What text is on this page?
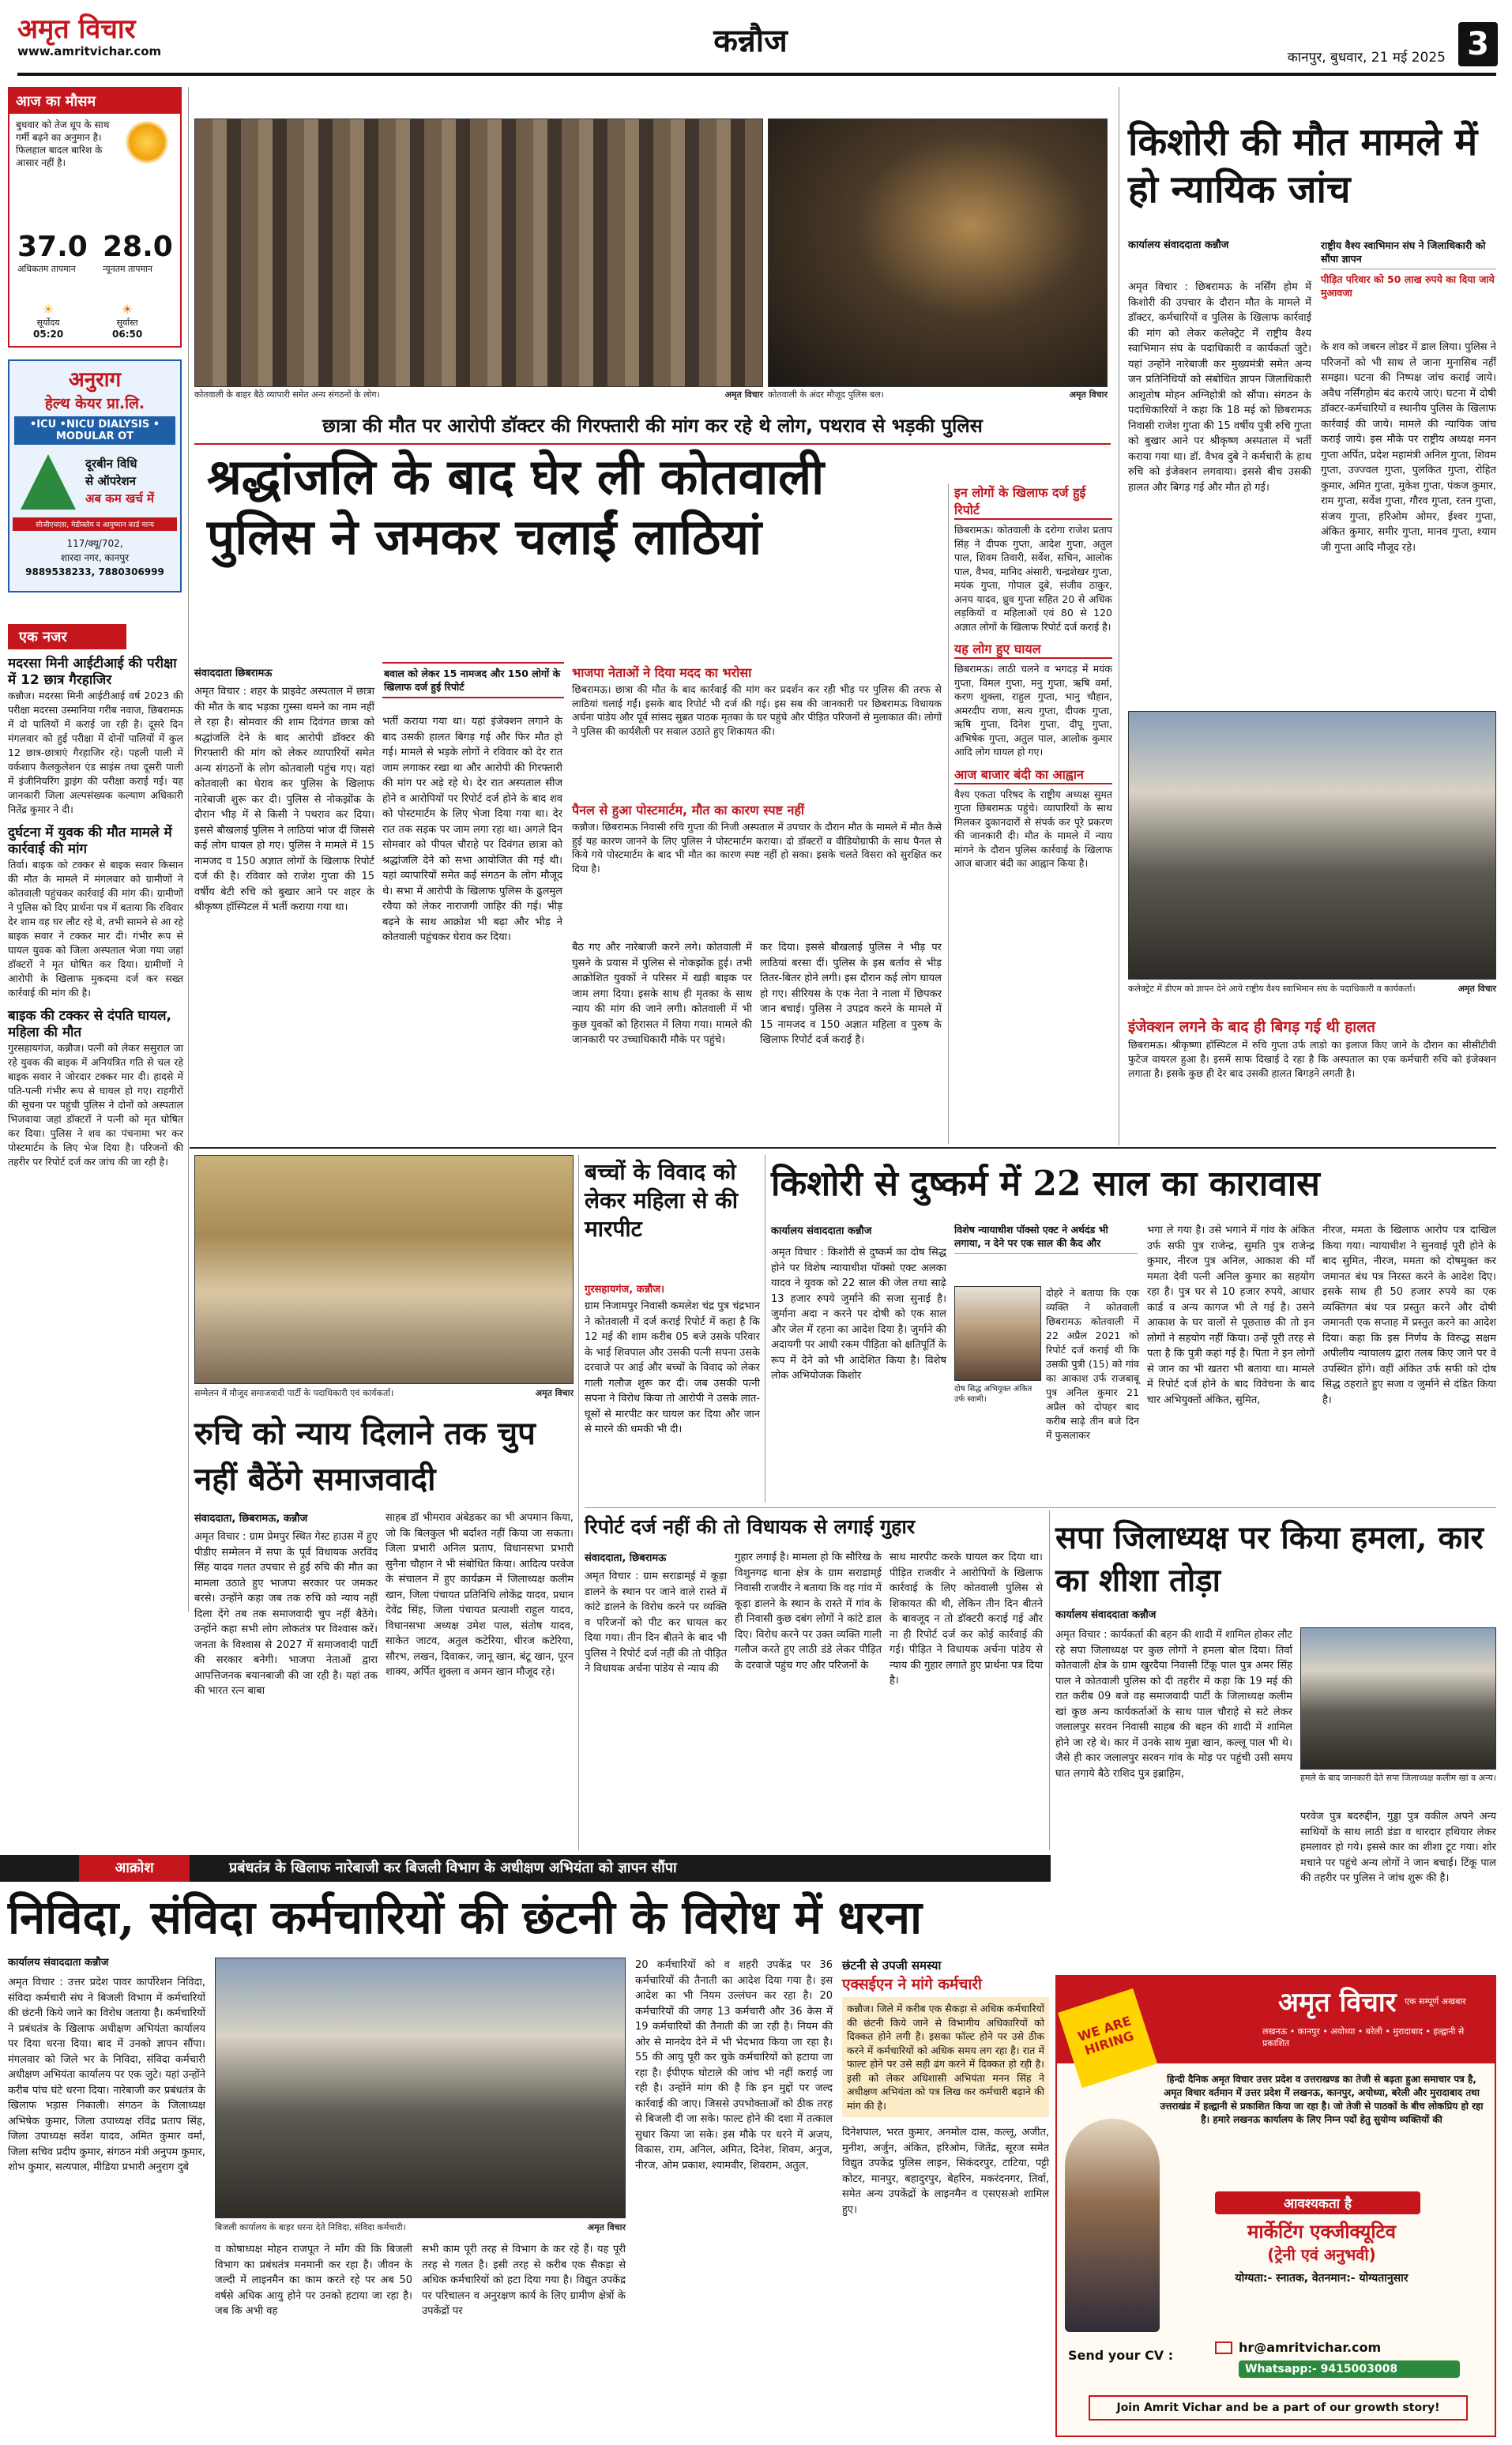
अमृत विचार
www.amritvichar.com	कन्नौज	कानपुर, बुधवार, 21 मई 2025 3
आज का मौसम
बुधवार को तेज धूप के साथ गर्मी बढ़ने का अनुमान है। फिलहाल बादल बारिश के आसार नहीं है।
37.0
अधिकतम तापमान
28.0
न्यूनतम तापमान
☀
सूर्योदय
05:20
☀
सूर्यास्त
06:50
अनुराग
हेल्थ केयर प्रा.लि.
•ICU •NICU DIALYSIS • MODULAR OT
दूरबीन विधि
से ऑपरेशन
अब कम खर्च में
सीजीएचएस, मेडीक्लेम व आयुष्मान कार्ड मान्य
117/क्यू/702,
शारदा नगर, कानपुर
9889538233, 7880306999
एक नजर
मदरसा मिनी आईटीआई की परीक्षा में 12 छात्र गैरहाजिर
कन्नौज। मदरसा मिनी आईटीआई वर्ष 2023 की परीक्षा मदरसा उस्मानिया गरीब नवाज, छिबरामऊ में दो पालियों में कराई जा रही है। दूसरे दिन मंगलवार को हुई परीक्षा में दोनों पालियों में कुल 12 छात्र-छात्राएं गैरहाजिर रहे। पहली पाली में वर्कशाप कैलकुलेशन एंड साइंस तथा दूसरी पाली में इंजीनियरिंग ड्राइंग की परीक्षा कराई गई। यह जानकारी जिला अल्पसंख्यक कल्याण अधिकारी नितेंद्र कुमार ने दी।
दुर्घटना में युवक की मौत मामले में कार्रवाई की मांग
तिर्वा। बाइक को टक्कर से बाइक सवार किसान की मौत के मामले में मंगलवार को ग्रामीणों ने कोतवाली पहुंचकर कार्रवाई की मांग की। ग्रामीणों ने पुलिस को दिए प्रार्थना पत्र में बताया कि रविवार देर शाम वह घर लौट रहे थे, तभी सामने से आ रहे बाइक सवार ने टक्कर मार दी। गंभीर रूप से घायल युवक को जिला अस्पताल भेजा गया जहां डॉक्टरों ने मृत घोषित कर दिया। ग्रामीणों ने आरोपी के खिलाफ मुकदमा दर्ज कर सख्त कार्रवाई की मांग की है।
बाइक की टक्कर से दंपति घायल, महिला की मौत
गुरसहायगंज, कन्नौज। पत्नी को लेकर ससुराल जा रहे युवक की बाइक में अनियंत्रित गति से चल रहे बाइक सवार ने जोरदार टक्कर मार दी। हादसे में पति-पत्नी गंभीर रूप से घायल हो गए। राहगीरों की सूचना पर पहुंची पुलिस ने दोनों को अस्पताल भिजवाया जहां डॉक्टरों ने पत्नी को मृत घोषित कर दिया। पुलिस ने शव का पंचनामा भर कर पोस्टमार्टम के लिए भेज दिया है। परिजनों की तहरीर पर रिपोर्ट दर्ज कर जांच की जा रही है।
कोतवाली के बाहर बैठे व्यापारी समेत अन्य संगठनों के लोग।	अमृत विचार कोतवाली के अंदर मौजूद पुलिस बल।	अमृत विचार
छात्रा की मौत पर आरोपी डॉक्टर की गिरफ्तारी की मांग कर रहे थे लोग, पथराव से भड़की पुलिस
श्रद्धांजलि के बाद घेर ली कोतवाली पुलिस ने जमकर चलाईं लाठियां
संवाददाता छिबरामऊ

अमृत विचार : शहर के प्राइवेट अस्पताल में छात्रा की मौत के बाद भड़का गुस्सा थमने का नाम नहीं ले रहा है। सोमवार की शाम दिवंगत छात्रा को श्रद्धांजलि देने के बाद आरोपी डॉक्टर की गिरफ्तारी की मांग को लेकर व्यापारियों समेत अन्य संगठनों के लोग कोतवाली पहुंच गए। यहां कोतवाली का घेराव कर पुलिस के खिलाफ नारेबाजी शुरू कर दी। पुलिस से नोकझोंक के दौरान भीड़ में से किसी ने पथराव कर दिया। इससे बौखलाई पुलिस ने लाठियां भांज दीं जिससे कई लोग घायल हो गए। पुलिस ने मामले में 15 नामजद व 150 अज्ञात लोगों के खिलाफ रिपोर्ट दर्ज की है। रविवार को राजेश गुप्ता की 15 वर्षीय बेटी रुचि को बुखार आने पर शहर के श्रीकृष्ण हॉस्पिटल में भर्ती कराया गया था।

बवाल को लेकर 15 नामजद और 150 लोगों के खिलाफ दर्ज हुई रिपोर्ट

भर्ती कराया गया था। यहां इंजेक्शन लगाने के बाद उसकी हालत बिगड़ गई और फिर मौत हो गई। मामले से भड़के लोगों ने रविवार को देर रात जाम लगाकर रखा था और आरोपी की गिरफ्तारी की मांग पर अड़े रहे थे। देर रात अस्पताल सीज होने व आरोपियों पर रिपोर्ट दर्ज होने के बाद शव को पोस्टमार्टम के लिए भेजा दिया गया था। देर रात तक सड़क पर जाम लगा रहा था। अगले दिन सोमवार को पीपल चौराहे पर दिवंगत छात्रा को श्रद्धांजलि देने को सभा आयोजित की गई थी। यहां व्यापारियों समेत कई संगठन के लोग मौजूद थे। सभा में आरोपी के खिलाफ पुलिस के ढुलमुल रवैया को लेकर नाराजगी जाहिर की गई। भीड़ बढ़ने के साथ आक्रोश भी बढ़ा और भीड़ ने कोतवाली पहुंचकर घेराव कर दिया।

भाजपा नेताओं ने दिया मदद का भरोसा

छिबरामऊ। छात्रा की मौत के बाद कार्रवाई की मांग कर प्रदर्शन कर रही भीड़ पर पुलिस की तरफ से लाठियां चलाई गईं। इसके बाद रिपोर्ट भी दर्ज की गई। इस सब की जानकारी पर छिबरामऊ विधायक अर्चना पांडेय और पूर्व सांसद सुब्रत पाठक मृतका के घर पहुंचे और पीड़ित परिजनों से मुलाकात की। लोगों ने पुलिस की कार्यशैली पर सवाल उठाते हुए शिकायत की।

पैनल से हुआ पोस्टमार्टम, मौत का कारण स्पष्ट नहीं

कन्नौज। छिबरामऊ निवासी रुचि गुप्ता की निजी अस्पताल में उपचार के दौरान मौत के मामले में मौत कैसे हुई यह कारण जानने के लिए पुलिस ने पोस्टमार्टम कराया। दो डॉक्टरों व वीडियोग्राफी के साथ पैनल से किये गये पोस्टमार्टम के बाद भी मौत का कारण स्पष्ट नहीं हो सका। इसके चलते विसरा को सुरक्षित कर दिया है।

बैठ गए और नारेबाजी करने लगे। कोतवाली में घुसने के प्रयास में पुलिस से नोकझोंक हुई। तभी आक्रोशित युवकों ने परिसर में खड़ी बाइक पर जाम लगा दिया। इसके साथ ही मृतका के साथ न्याय की मांग की जाने लगी। कोतवाली में भी कुछ युवकों को हिरासत में लिया गया। मामले की जानकारी पर उच्चाधिकारी मौके पर पहुंचे।

कर दिया। इससे बौखलाई पुलिस ने भीड़ पर लाठियां बरसा दीं। पुलिस के इस बर्ताव से भीड़ तितर-बितर होने लगी। इस दौरान कई लोग घायल हो गए। सीरियस के एक नेता ने नाला में छिपकर जान बचाई। पुलिस ने उपद्रव करने के मामले में 15 नामजद व 150 अज्ञात महिला व पुरुष के खिलाफ रिपोर्ट दर्ज कराई है।

इन लोगों के खिलाफ दर्ज हुई रिपोर्ट
छिबरामऊ। कोतवाली के दरोगा राजेश प्रताप सिंह ने दीपक गुप्ता, आदेश गुप्ता, अतुल पाल, शिवम तिवारी, सर्वेश, सचिन, आलोक पाल, वैभव, मानिद अंसारी, चन्द्रशेखर गुप्ता, मयंक गुप्ता, गोपाल दुबे, संजीव ठाकुर, अनय यादव, ध्रुव गुप्ता सहित 20 से अधिक लड़कियों व महिलाओं एवं 80 से 120 अज्ञात लोगों के खिलाफ रिपोर्ट दर्ज कराई है।
यह लोग हुए घायल
छिबरामऊ। लाठी चलने व भगदड़ में मयंक गुप्ता, विमल गुप्ता, मनु गुप्ता, ऋषि वर्मा, करण शुक्ला, राहुल गुप्ता, भानु चौहान, अमरदीप राणा, सत्य गुप्ता, दीपक गुप्ता, ऋषि गुप्ता, दिनेश गुप्ता, दीपू गुप्ता, अभिषेक गुप्ता, अतुल पाल, आलोक कुमार आदि लोग घायल हो गए।
आज बाजार बंदी का आह्वान
वैश्य एकता परिषद के राष्ट्रीय अध्यक्ष सुमत गुप्ता छिबरामऊ पहुंचे। व्यापारियों के साथ मिलकर दुकानदारों से संपर्क कर पूरे प्रकरण की जानकारी दी। मौत के मामले में न्याय मांगने के दौरान पुलिस कार्रवाई के खिलाफ आज बाजार बंदी का आह्वान किया है।
किशोरी की मौत मामले में हो न्यायिक जांच
कार्यालय संवाददाता कन्नौज

अमृत विचार : छिबरामऊ के नर्सिंग होम में किशोरी की उपचार के दौरान मौत के मामले में डॉक्टर, कर्मचारियों व पुलिस के खिलाफ कार्रवाई की मांग को लेकर कलेक्ट्रेट में राष्ट्रीय वैश्य स्वाभिमान संघ के पदाधिकारी व कार्यकर्ता जुटे। यहां उन्होंने नारेबाजी कर मुख्यमंत्री समेत अन्य जन प्रतिनिधियों को संबोधित ज्ञापन जिलाधिकारी आशुतोष मोहन अग्निहोत्री को सौंपा। संगठन के पदाधिकारियों ने कहा कि 18 मई को छिबरामऊ निवासी राजेश गुप्ता की 15 वर्षीय पुत्री रुचि गुप्ता को बुखार आने पर श्रीकृष्ण अस्पताल में भर्ती कराया गया था। डॉ. वैभव दुबे ने कर्मचारी के हाथ रुचि को इंजेक्शन लगवाया। इससे बीच उसकी हालत और बिगड़ गई और मौत हो गई।

राष्ट्रीय वैश्य स्वाभिमान संघ ने जिलाधिकारी को सौंपा ज्ञापन
पीड़ित परिवार को 50 लाख रुपये का दिया जाये मुआवजा

के शव को जबरन लोडर में डाल लिया। पुलिस ने परिजनों को भी साथ ले जाना मुनासिब नहीं समझा। घटना की निष्पक्ष जांच कराई जाये। अवैध नर्सिंगहोम बंद कराये जाएं। घटना में दोषी डॉक्टर-कर्मचारियों व स्थानीय पुलिस के खिलाफ कार्रवाई की जाये। मामले की न्यायिक जांच कराई जाये। इस मौके पर राष्ट्रीय अध्यक्ष मनन गुप्ता अर्पित, प्रदेश महामंत्री अनिल गुप्ता, शिवम गुप्ता, उज्ज्वल गुप्ता, पुलकित गुप्ता, रोहित कुमार, अमित गुप्ता, मुकेश गुप्ता, पंकज कुमार, राम गुप्ता, सर्वेश गुप्ता, गौरव गुप्ता, रतन गुप्ता, संजय गुप्ता, हरिओम ओमर, ईश्वर गुप्ता, अंकित कुमार, समीर गुप्ता, मानव गुप्ता, श्याम जी गुप्ता आदि मौजूद रहे।

कलेक्ट्रेट में डीएम को ज्ञापन देने आये राष्ट्रीय वैश्य स्वाभिमान संघ के पदाधिकारी व कार्यकर्ता।	अमृत विचार
इंजेक्शन लगने के बाद ही बिगड़ गई थी हालत

छिबरामऊ। श्रीकृष्णा हॉस्पिटल में रुचि गुप्ता उर्फ लाडो का इलाज किए जाने के दौरान का सीसीटीवी फुटेज वायरल हुआ है। इसमें साफ दिखाई दे रहा है कि अस्पताल का एक कर्मचारी रुचि को इंजेक्शन लगाता है। इसके कुछ ही देर बाद उसकी हालत बिगड़ने लगती है।

सम्मेलन में मौजूद समाजवादी पार्टी के पदाधिकारी एवं कार्यकर्ता।	अमृत विचार
रुचि को न्याय दिलाने तक चुप नहीं बैठेंगे समाजवादी
संवाददाता, छिबरामऊ, कन्नौज

अमृत विचार : ग्राम प्रेमपुर स्थित गेस्ट हाउस में हुए पीडीए सम्मेलन में सपा के पूर्व विधायक अरविंद सिंह यादव गलत उपचार से हुई रुचि की मौत का मामला उठाते हुए भाजपा सरकार पर जमकर बरसे। उन्होंने कहा जब तक रुचि को न्याय नहीं दिला देंगे तब तक समाजवादी चुप नहीं बैठेंगे। उन्होंने कहा सभी लोग लोकतंत्र पर विश्वास करें। जनता के विश्वास से 2027 में समाजवादी पार्टी की सरकार बनेगी। भाजपा नेताओं द्वारा आपत्तिजनक बयानबाजी की जा रही है। यहां तक की भारत रत्न बाबा

साहब डॉ भीमराव अंबेडकर का भी अपमान किया, जो कि बिलकुल भी बर्दाश्त नहीं किया जा सकता। जिला प्रभारी अनिल प्रताप, विधानसभा प्रभारी सुनैना चौहान ने भी संबोधित किया। आदित्य परवेज के संचालन में हुए कार्यक्रम में जिलाध्यक्ष कलीम खान, जिला पंचायत प्रतिनिधि लोकेंद्र यादव, प्रधान देवेंद्र सिंह, जिला पंचायत प्रत्याशी राहुल यादव, विधानसभा अध्यक्ष उमेश पाल, संतोष यादव, साकेत जाटव, अतुल कटेरिया, धीरज कटेरिया, सौरभ, लखन, दिवाकर, जानू खान, बंटू खान, पूरन शाक्य, अर्पित शुक्ला व अमन खान मौजूद रहे।

बच्चों के विवाद को लेकर महिला से की मारपीट
गुरसहायगंज, कन्नौज।

ग्राम निजामपुर निवासी कमलेश चंद्र पुत्र चंद्रभान ने कोतवाली में दर्ज कराई रिपोर्ट में कहा है कि 12 मई की शाम करीब 05 बजे उसके परिवार के भाई शिवपाल और उसकी पत्नी सपना उसके दरवाजे पर आई और बच्चों के विवाद को लेकर गाली गलौज शुरू कर दी। जब उसकी पत्नी सपना ने विरोध किया तो आरोपी ने उसके लात-घूसों से मारपीट कर घायल कर दिया और जान से मारने की धमकी भी दी।

किशोरी से दुष्कर्म में 22 साल का कारावास
कार्यालय संवाददाता कन्नौज

अमृत विचार : किशोरी से दुष्कर्म का दोष सिद्ध होने पर विशेष न्यायाधीश पॉक्सो एक्ट अलका यादव ने युवक को 22 साल की जेल तथा साढ़े 13 हजार रुपये जुर्माने की सजा सुनाई है। जुर्माना अदा न करने पर दोषी को एक साल और जेल में रहना का आदेश दिया है। जुर्माने की अदायगी पर आधी रकम पीड़िता को क्षतिपूर्ति के रूप में देने को भी आदेशित किया है। विशेष लोक अभियोजक किशोर

विशेष न्यायाधीश पॉक्सो एक्ट ने अर्थदंड भी लगाया, न देने पर एक साल की कैद और
दोष सिद्ध अभियुक्त अंकित उर्फ स्वामी।

दोहरे ने बताया कि एक व्यक्ति ने कोतवाली छिबरामऊ कोतवाली में 22 अप्रैल 2021 को रिपोर्ट दर्ज कराई थी कि उसकी पुत्री (15) को गांव का आकाश उर्फ राजबाबू पुत्र अनिल कुमार 21 अप्रैल को दोपहर बाद करीब साढ़े तीन बजे दिन में फुसलाकर

भगा ले गया है। उसे भगाने में गांव के अंकित उर्फ सफी पुत्र राजेन्द्र, सुमति पुत्र राजेन्द्र कुमार, नीरज पुत्र अनिल, आकाश की माँ ममता देवी पत्नी अनिल कुमार का सहयोग रहा है। पुत्र घर से 10 हजार रुपये, आधार कार्ड व अन्य कागज भी ले गई है। उसने आकाश के घर वालों से पूछताछ की तो इन लोगों ने सहयोग नहीं किया। उन्हें पूरी तरह से पता है कि पुत्री कहां गई है। पिता ने इन लोगों से जान का भी खतरा भी बताया था। मामले में रिपोर्ट दर्ज होने के बाद विवेचना के बाद चार अभियुक्तों अंकित, सुमित,

नीरज, ममता के खिलाफ आरोप पत्र दाखिल किया गया। न्यायाधीश ने सुनवाई पूरी होने के बाद सुमित, नीरज, ममता को दोषमुक्त कर जमानत बंध पत्र निरस्त करने के आदेश दिए। इसके साथ ही 50 हजार रुपये का एक व्यक्तिगत बंध पत्र प्रस्तुत करने और दोषी जमानती एक सप्ताह में प्रस्तुत करने का आदेश दिया। कहा कि इस निर्णय के विरुद्ध सक्षम अपीलीय न्यायालय द्वारा तलब किए जाने पर वे उपस्थित होंगे। वहीं अंकित उर्फ सफी को दोष सिद्ध ठहराते हुए सजा व जुर्माने से दंडित किया है।

रिपोर्ट दर्ज नहीं की तो विधायक से लगाई गुहार
संवाददाता, छिबरामऊ

अमृत विचार : ग्राम सराडाम्ई में कूड़ा डालने के स्थान पर जाने वाले रास्ते में कांटे डालने के विरोध करने पर व्यक्ति व परिजनों को पीट कर घायल कर दिया गया। तीन दिन बीतने के बाद भी पुलिस ने रिपोर्ट दर्ज नहीं की तो पीड़ित ने विधायक अर्चना पांडेय से न्याय की

गुहार लगाई है। मामला हो कि सौरिख के विशुनगढ़ थाना क्षेत्र के ग्राम सराडाम्ई निवासी राजवीर ने बताया कि वह गांव में कूड़ा डालने के स्थान के रास्ते में गांव के ही निवासी कुछ दबंग लोगों ने कांटे डाल दिए। विरोध करने पर उक्त व्यक्ति गाली गलौज करते हुए लाठी डंडे लेकर पीड़ित के दरवाजे पहुंच गए और परिजनों के

साथ मारपीट करके घायल कर दिया था। पीड़ित राजवीर ने आरोपियों के खिलाफ कार्रवाई के लिए कोतवाली पुलिस से शिकायत की थी, लेकिन तीन दिन बीतने के बावजूद न तो डॉक्टरी कराई गई और ना ही रिपोर्ट दर्ज कर कोई कार्रवाई की गई। पीड़ित ने विधायक अर्चना पांडेय से न्याय की गुहार लगाते हुए प्रार्थना पत्र दिया है।

सपा जिलाध्यक्ष पर किया हमला, कार का शीशा तोड़ा
कार्यालय संवाददाता कन्नौज

अमृत विचार : कार्यकर्ता की बहन की शादी में शामिल होकर लौट रहे सपा जिलाध्यक्ष पर कुछ लोगों ने हमला बोल दिया। तिर्वा कोतवाली क्षेत्र के ग्राम खुरदैया निवासी टिंकू पाल पुत्र अमर सिंह पाल ने कोतवाली पुलिस को दी तहरीर में कहा कि 19 मई की रात करीब 09 बजे वह समाजवादी पार्टी के जिलाध्यक्ष कलीम खां कुछ अन्य कार्यकर्ताओं के साथ पाल चौराहे से सटे लेकर जलालपुर सरवन निवासी साहब की बहन की शादी में शामिल होने जा रहे थे। कार में उनके साथ मुन्ना खान, कल्लू पाल भी थे। जैसे ही कार जलालपुर सरवन गांव के मोड़ पर पहुंची उसी समय घात लगाये बैठे राशिद पुत्र इब्राहिम,	हमले के बाद जानकारी देते सपा जिलाध्यक्ष कलीम खां व अन्य।

परवेज पुत्र बदरुद्दीन, गुड्डा पुत्र वकील अपने अन्य साथियों के साथ लाठी डंडा व धारदार हथियार लेकर हमलावर हो गये। इससे कार का शीशा टूट गया। शोर मचाने पर पहुंचे अन्य लोगों ने जान बचाई। टिंकू पाल की तहरीर पर पुलिस ने जांच शुरू की है।

आक्रोश	प्रबंधतंत्र के खिलाफ नारेबाजी कर बिजली विभाग के अधीक्षण अभियंता को ज्ञापन सौंपा
निविदा, संविदा कर्मचारियों की छंटनी के विरोध में धरना
कार्यालय संवाददाता कन्नौज

अमृत विचार : उत्तर प्रदेश पावर कार्पोरेशन निविदा, संविदा कर्मचारी संघ ने बिजली विभाग में कर्मचारियों की छंटनी किये जाने का विरोध जताया है। कर्मचारियों ने प्रबंधतंत्र के खिलाफ अधीक्षण अभियंता कार्यालय पर दिया धरना दिया। बाद में उनको ज्ञापन सौंपा। मंगलवार को जिले भर के निविदा, संविदा कर्मचारी अधीक्षण अभियंता कार्यालय पर एक जुटे। यहां उन्होंने करीब पांच घंटे धरना दिया। नारेबाजी कर प्रबंधतंत्र के खिलाफ भड़ास निकाली। संगठन के जिलाध्यक्ष अभिषेक कुमार, जिला उपाध्यक्ष रविंद्र प्रताप सिंह, जिला उपाध्यक्ष सर्वेश यादव, अमित कुमार वर्मा, जिला सचिव प्रदीप कुमार, संगठन मंत्री अनुपम कुमार, शोभ कुमार, सत्यपाल, मीडिया प्रभारी अनुराग दुबे

बिजली कार्यालय के बाहर धरना देते निविदा, संविदा कर्मचारी।	अमृत विचार

व कोषाध्यक्ष मोहन राजपूत ने माँग की कि बिजली विभाग का प्रबंधतंत्र मनमानी कर रहा है। जीवन के जल्दी में लाइनमैन का काम करते रहे पर अब 50 वर्षसे अधिक आयु होने पर उनको हटाया जा रहा है। जब कि अभी वह

सभी काम पूरी तरह से विभाग के कर रहे हैं। यह पूरी तरह से गलत है। इसी तरह से करीब एक सैकड़ा से अधिक कर्मचारियों को हटा दिया गया है। विद्युत उपकेंद्र पर परिचालन व अनुरक्षण कार्य के लिए ग्रामीण क्षेत्रों के उपकेंद्रों पर

20 कर्मचारियों को व शहरी उपकेंद्र पर 36 कर्मचारियों की तैनाती का आदेश दिया गया है। इस आदेश का भी नियम उल्लंघन कर रहा है। 20 कर्मचारियों की जगह 13 कर्मचारी और 36 केस में 19 कर्मचारियों की तैनाती की जा रही है। नियम की ओर से मानदेय देने में भी भेदभाव किया जा रहा है। 55 की आयु पूरी कर चुके कर्मचारियों को हटाया जा रहा है। ईपीएफ घोटाले की जांच भी नहीं कराई जा रही है। उन्होंने मांग की है कि इन मुद्दों पर जल्द कार्रवाई की जाए। जिससे उपभोक्ताओं को ठीक तरह से बिजली दी जा सके। फाल्ट होने की दशा में तत्काल सुधार किया जा सके। इस मौके पर धरने में अजय, विकास, राम, अनिल, अमित, दिनेश, शिवम, अनुज, नीरज, ओम प्रकाश, श्यामवीर, शिवराम, अतुल,

छंटनी से उपजी समस्या
एक्सईएन ने मांगे कर्मचारी
कन्नौज। जिले में करीब एक सैकड़ा से अधिक कर्मचारियों की छंटनी किये जाने से विभागीय अधिकारियों को दिक्कत होने लगी है। इसका फॉल्ट होने पर उसे ठीक करने में कर्मचारियों को अधिक समय लग रहा है। रात में फाल्ट होने पर उसे सही ढंग करने में दिक्कत हो रही है। इसी को लेकर अधिशासी अभियंता मनन सिंह ने अधीक्षण अभियंता को पत्र लिख कर कर्मचारी बढ़ाने की मांग की है।
दिनेशपाल, भरत कुमार, अनमोल दास, कल्लू, अजीत, मुनीश, अर्जुन, अंकित, हरिओम, जितेंद्र, सूरज समेत विद्युत उपकेंद्र पुलिस लाइन, सिकंदरपुर, टाटिया, पट्टी कोटर, मानपुर, बहादुरपुर, बेहरिन, मकरंदनगर, तिर्वा, समेत अन्य उपकेंद्रों के लाइनमैन व एसएसओ शामिल हुए।
WE ARE HIRING
अमृत विचार एक सम्पूर्ण अखबार
लखनऊ • कानपुर • अयोध्या • बरेली • मुरादाबाद • हल्द्वानी से प्रकाशित
हिन्दी दैनिक अमृत विचार उत्तर प्रदेश व उत्तराखण्ड का तेजी से बढ़ता हुआ समाचार पत्र है, अमृत विचार वर्तमान में उत्तर प्रदेश में लखनऊ, कानपुर, अयोध्या, बरेली और मुरादाबाद तथा उत्तराखंड में हल्द्वानी से प्रकाशित किया जा रहा है। जो तेजी से पाठकों के बीच लोकप्रिय हो रहा है। हमारे लखनऊ कार्यालय के लिए निम्न पदों हेतु सुयोग्य व्यक्तियों की
आवश्यकता है
मार्केटिंग एक्जीक्यूटिव
(ट्रेनी एवं अनुभवी)
योग्यता:- स्नातक, वेतनमान:- योग्यतानुसार
Send your CV :
hr@amritvichar.com
Whatsapp:- 9415003008
Join Amrit Vichar and be a part of our growth story!
